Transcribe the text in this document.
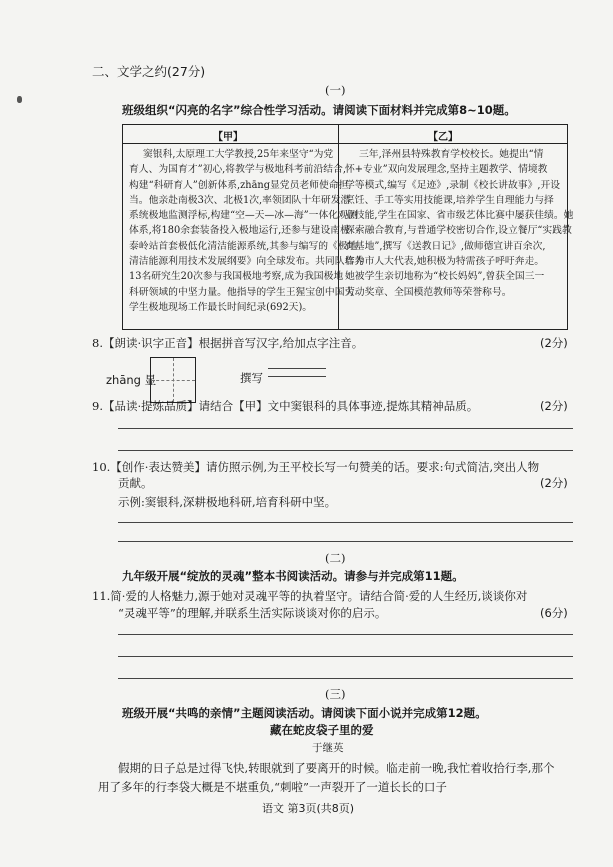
二、文学之约(27分)
(一)
班级组织“闪亮的名字”综合性学习活动。请阅读下面材料并完成第8~10题。
【甲】	【乙】
窦银科,太原理工大学教授,25年来坚守“为党
育人、为国育才”初心,将教学与极地科考前沿结合,
构建“科研育人”创新体系,zhāng显党员老师使命担
当。他亲赴南极3次、北极1次,率领团队十年研发潜
系统极地监测浮标,构建“空—天—冰—海”一体化观测
体系,将180余套装备投入极地运行,还参与建设南极
泰岭站首套极低化清洁能源系统,其参与编写的《极地
清洁能源利用技术发展纲要》向全球发布。共同队培养
13名研究生20次参与我国极地考察,成为我国极地
科研领域的中坚力量。他指导的学生王猩宝创中国大
学生极地现场工作最长时间纪录(692天)。
三年,泽州县特殊教育学校校长。她提出“情
怀+专业”双向发展理念,坚持主题教学、情境教
学等模式,编写《足迹》,录制《校长讲故事》,开设
烹饪、手工等实用技能课,培养学生自理能力与择
业技能,学生在国家、省市级艺体比赛中屡获佳绩。她
探索融合教育,与普通学校密切合作,设立餐厅“实践教
育基地”,撰写《送教日记》,做师德宣讲百余次,
作为市人大代表,她积极为特需孩子呼吁奔走。
她被学生亲切地称为“校长妈妈”,曾获全国三一
劳动奖章、全国模范教师等荣誉称号。
8.【朗读·识字正音】根据拼音写汉字,给加点字注音。	(2分)
zhāng 显	撰写
9.【品读·提炼品质】请结合【甲】文中窦银科的具体事迹,提炼其精神品质。	(2分)
10.【创作·表达赞美】请仿照示例,为王平校长写一句赞美的话。要求:句式简洁,突出人物
贡献。	(2分)
示例:窦银科,深耕极地科研,培育科研中坚。
(二)
九年级开展“绽放的灵魂”整本书阅读活动。请参与并完成第11题。
11.简·爱的人格魅力,源于她对灵魂平等的执着坚守。请结合简·爱的人生经历,谈谈你对
“灵魂平等”的理解,并联系生活实际谈谈对你的启示。	(6分)
(三)
班级开展“共鸣的亲情”主题阅读活动。请阅读下面小说并完成第12题。
藏在蛇皮袋子里的爱
于继英
假期的日子总是过得飞快,转眼就到了要离开的时候。临走前一晚,我忙着收拾行李,那个
用了多年的行李袋大概是不堪重负,“刺啦”一声裂开了一道长长的口子
语文 第3页(共8页)
